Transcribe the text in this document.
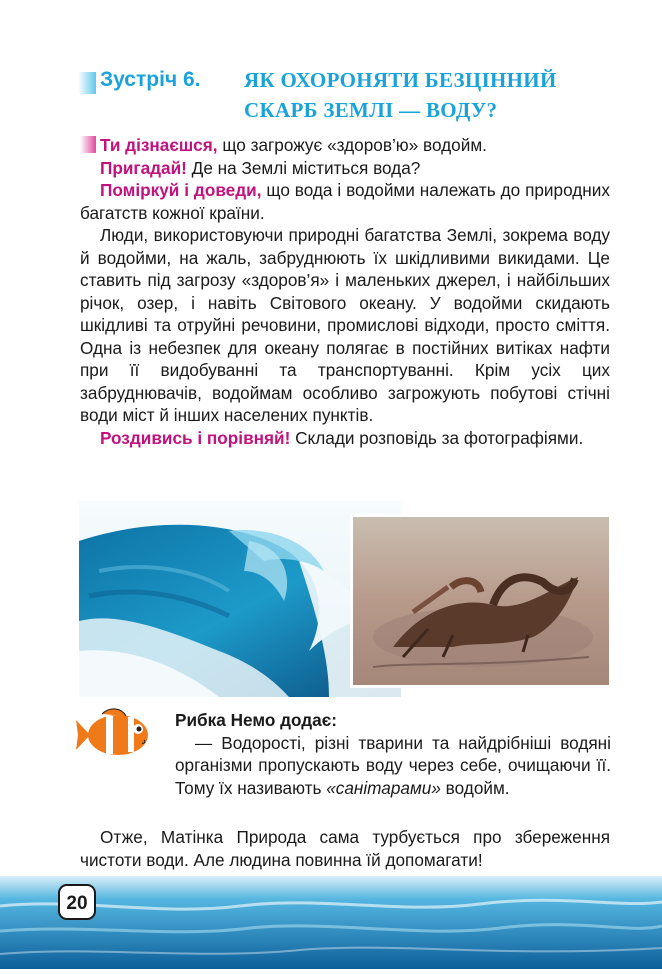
Зустріч 6. ЯК ОХОРОНЯТИ БЕЗЦІННИЙ
СКАРБ ЗЕМЛІ — ВОДУ?

Ти дізнаєшся, що загрожує «здоров’ю» водойм.

Пригадай! Де на Землі міститься вода?

Поміркуй і доведи, що вода і водойми належать до природних багатств кожної країни.

Люди, використовуючи природні багатства Землі, зокрема воду й водойми, на жаль, забруднюють їх шкідливими викидами. Це ставить під загрозу «здоров’я» і маленьких джерел, і найбільших річок, озер, і навіть Світового океану. У водойми скидають шкідливі та отруйні речовини, промислові відходи, просто сміття. Одна із небезпек для океану полягає в постійних витіках нафти при її видобуванні та транспортуванні. Крім усіх цих забруднювачів, водоймам особливо загрожують побутові стічні води міст й інших населених пунктів.

Роздивись і порівняй! Склади розповідь за фотографіями.

Рибка Немо додає:

— Водорості, різні тварини та найдрібніші водяні організми пропускають воду через себе, очищаючи її. Тому їх називають «санітарами» водойм.

Отже, Матінка Природа сама турбується про збереження чистоти води. Але людина повинна їй допомагати!

20
